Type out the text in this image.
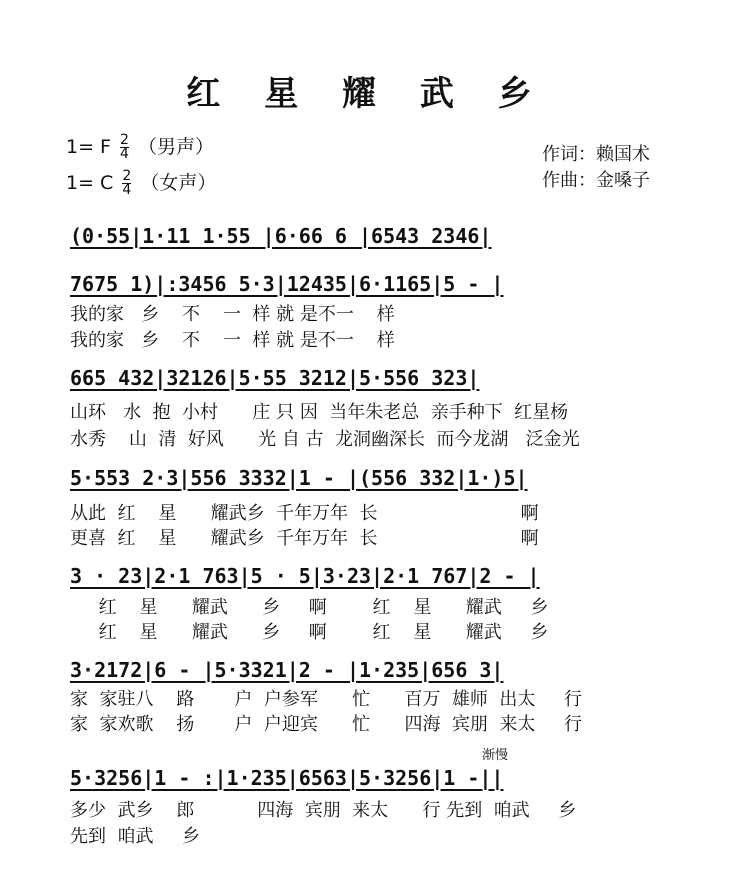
红 星 耀 武 乡
1= F $\frac{2}{4}$ （男声）
1= C $\frac{2}{4}$ （女声）
作词：赖国术
作曲：金嗓子
(0·55|1·11 1·55 |6·66 6 |6543 2346|
7675 1)|:3456 5·3|12435|6·1165|5 - |
我的家   乡    不    一  样 就 是不一    样
我的家   乡    不    一  样 就 是不一    样
665 432|32126|5·55 3212|5·556 323|
山环   水  抱  小村      庄 只 因  当年朱老总  亲手种下  红星杨
水秀    山  清  好风      光 自 古  龙洞幽深长  而今龙湖   泛金光
5·553 2·3|556 3332|1 - |(556 332|1·)5|
从此  红    星      耀武乡  千年万年  长                         啊
更喜  红    星      耀武乡  千年万年  长                         啊
3 · 23|2·1 763|5 · 5|3·23|2·1 767|2 - |
红    星      耀武      乡     啊        红    星      耀武     乡
红    星      耀武      乡     啊        红    星      耀武     乡
3·2172|6 - |5·3321|2 - |1·235|656 3|
家  家驻八    路       户  户参军      忙      百万  雄师  出太     行
家  家欢歌    扬       户  户迎宾      忙      四海  宾朋  来太     行
渐慢
5·3256|1 - :|1·235|6563|5·3256|1 -||
多少  武乡    郎           四海  宾朋  来太      行 先到  咱武     乡
先到  咱武     乡
